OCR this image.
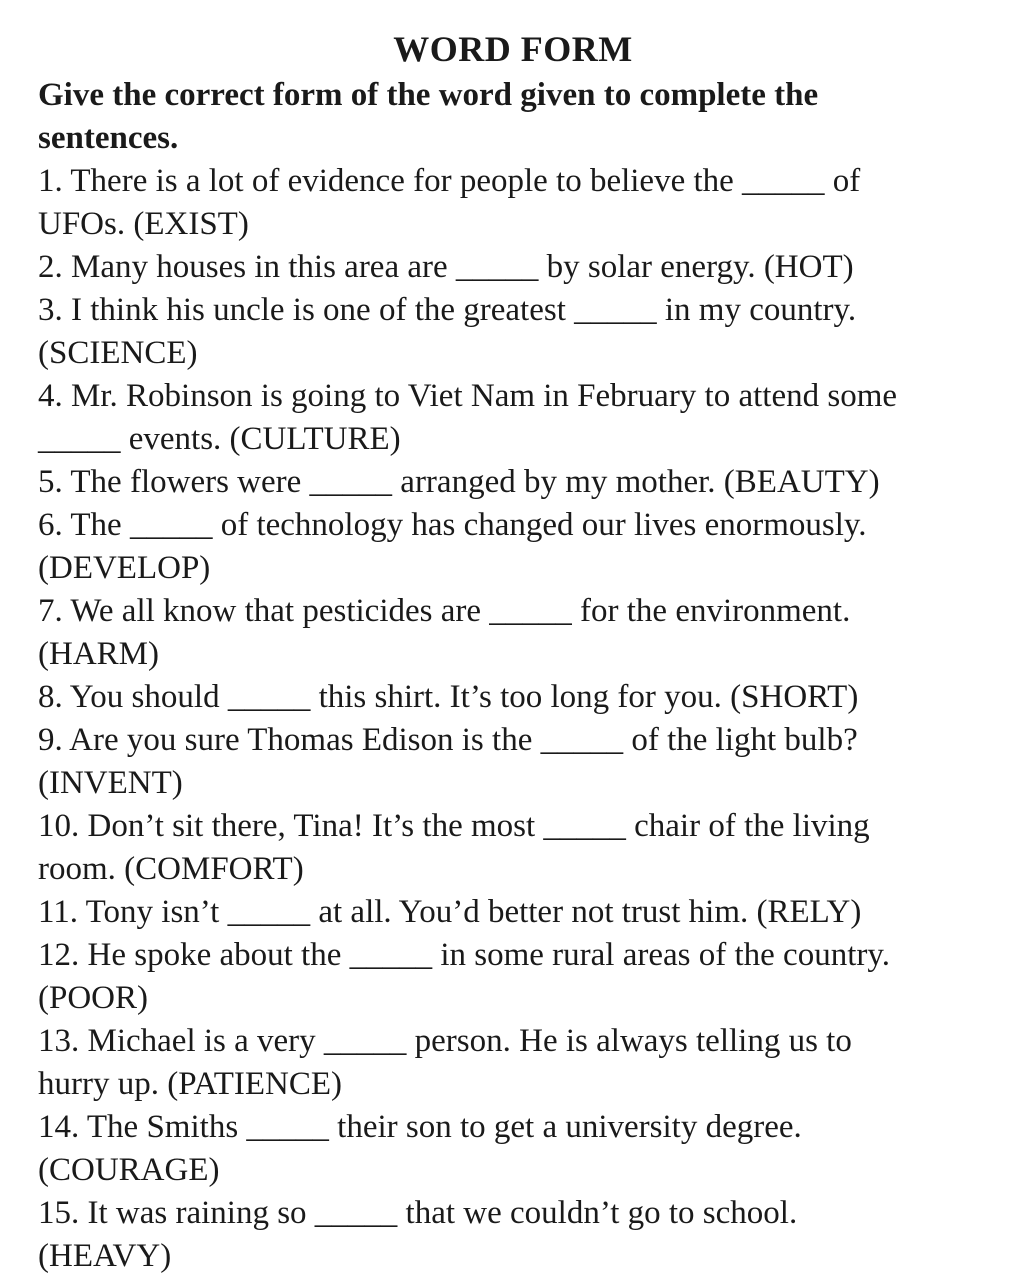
WORD FORM

Give the correct form of the word given to complete the
sentences.

1. There is a lot of evidence for people to believe the _____ of
UFOs. (EXIST)

2. Many houses in this area are _____ by solar energy. (HOT)

3. I think his uncle is one of the greatest _____ in my country.
(SCIENCE)

4. Mr. Robinson is going to Viet Nam in February to attend some
_____ events. (CULTURE)

5. The flowers were _____ arranged by my mother. (BEAUTY)

6. The _____ of technology has changed our lives enormously.
(DEVELOP)

7. We all know that pesticides are _____ for the environment.
(HARM)

8. You should _____ this shirt. It’s too long for you. (SHORT)

9. Are you sure Thomas Edison is the _____ of the light bulb?
(INVENT)

10. Don’t sit there, Tina! It’s the most _____ chair of the living
room. (COMFORT)

11. Tony isn’t _____ at all. You’d better not trust him. (RELY)

12. He spoke about the _____ in some rural areas of the country.
(POOR)

13. Michael is a very _____ person. He is always telling us to
hurry up. (PATIENCE)

14. The Smiths _____ their son to get a university degree.
(COURAGE)

15. It was raining so _____ that we couldn’t go to school.
(HEAVY)
